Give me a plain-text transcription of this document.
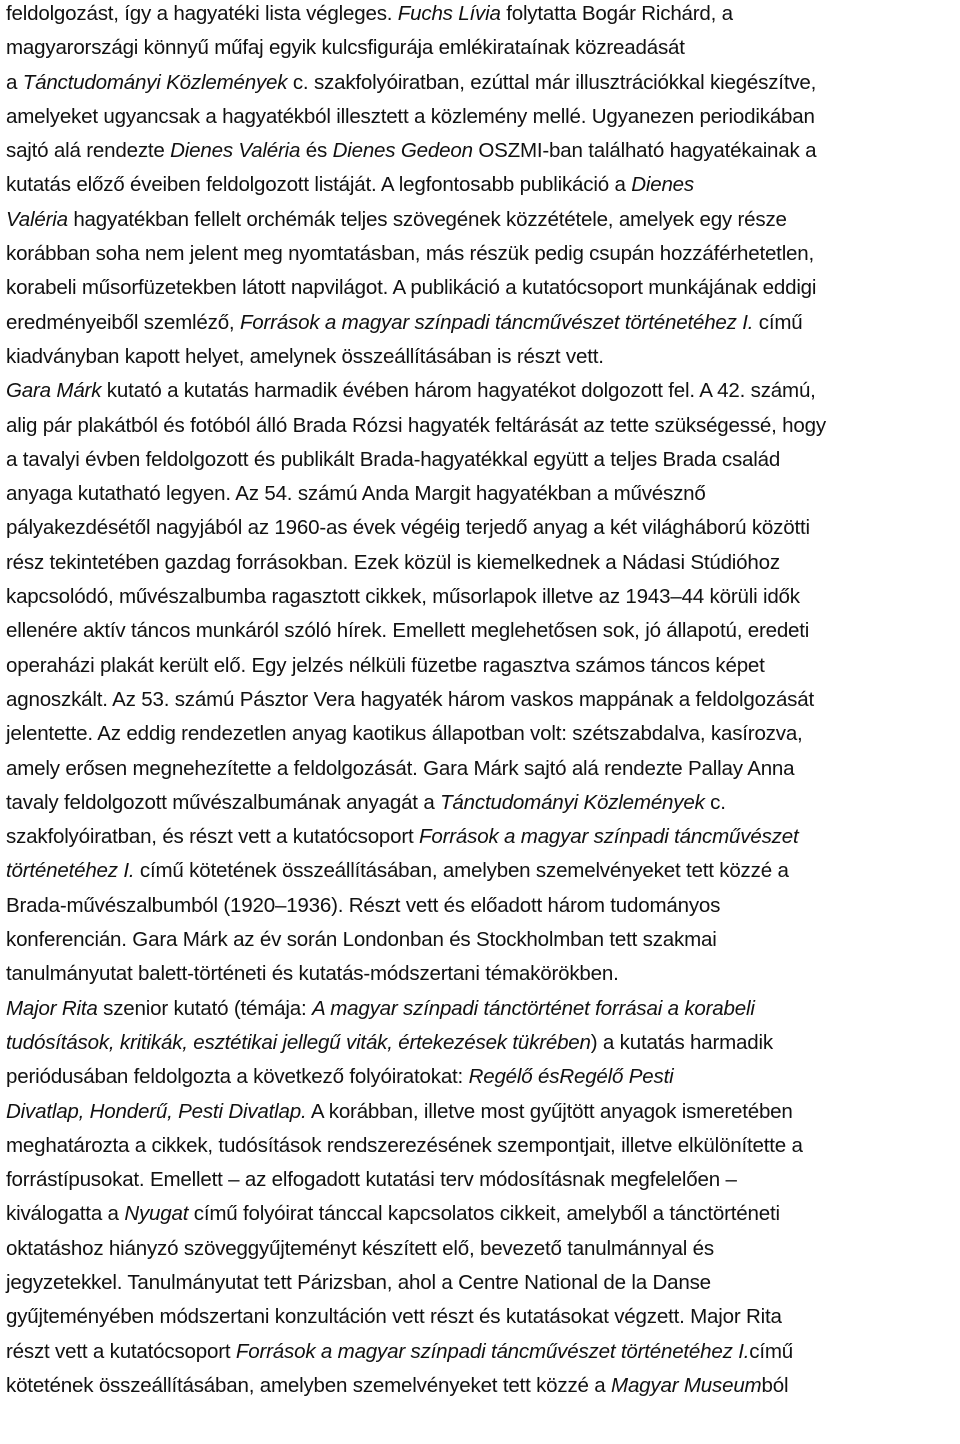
feldolgozást, így a hagyatéki lista végleges. Fuchs Lívia folytatta Bogár Richárd, a
magyarországi könnyű műfaj egyik kulcsfigurája emlékirataínak közreadását
a Tánctudományi Közlemények c. szakfolyóiratban, ezúttal már illusztrációkkal kiegészítve,
amelyeket ugyancsak a hagyatékból illesztett a közlemény mellé. Ugyanezen periodikában
sajtó alá rendezte Dienes Valéria és Dienes Gedeon OSZMI-ban található hagyatékainak a
kutatás előző éveiben feldolgozott listáját. A legfontosabb publikáció a Dienes
Valéria hagyatékban fellelt orchémák teljes szövegének közzététele, amelyek egy része
korábban soha nem jelent meg nyomtatásban, más részük pedig csupán hozzáférhetetlen,
korabeli műsorfüzetekben látott napvilágot. A publikáció a kutatócsoport munkájának eddigi
eredményeiből szemléző, Források a magyar színpadi táncművészet történetéhez I. című
kiadványban kapott helyet, amelynek összeállításában is részt vett.
Gara Márk kutató a kutatás harmadik évében három hagyatékot dolgozott fel. A 42. számú,
alig pár plakátból és fotóból álló Brada Rózsi hagyaték feltárását az tette szükségessé, hogy
a tavalyi évben feldolgozott és publikált Brada-hagyatékkal együtt a teljes Brada család
anyaga kutatható legyen. Az 54. számú Anda Margit hagyatékban a művésznő
pályakezdésétől nagyjából az 1960-as évek végéig terjedő anyag a két világháború közötti
rész tekintetében gazdag forrásokban. Ezek közül is kiemelkednek a Nádasi Stúdióhoz
kapcsolódó, művészalbumba ragasztott cikkek, műsorlapok illetve az 1943–44 körüli idők
ellenére aktív táncos munkáról szóló hírek. Emellett meglehetősen sok, jó állapotú, eredeti
operaházi plakát került elő. Egy jelzés nélküli füzetbe ragasztva számos táncos képet
agnoszkált. Az 53. számú Pásztor Vera hagyaték három vaskos mappának a feldolgozását
jelentette. Az eddig rendezetlen anyag kaotikus állapotban volt: szétszabdalva, kasírozva,
amely erősen megnehezítette a feldolgozását. Gara Márk sajtó alá rendezte Pallay Anna
tavaly feldolgozott művészalbumának anyagát a Tánctudományi Közlemények c.
szakfolyóiratban, és részt vett a kutatócsoport Források a magyar színpadi táncművészet
történetéhez I. című kötetének összeállításában, amelyben szemelvényeket tett közzé a
Brada-művészalbumból (1920–1936). Részt vett és előadott három tudományos
konferencián. Gara Márk az év során Londonban és Stockholmban tett szakmai
tanulmányutat balett-történeti és kutatás-módszertani témakörökben.
Major Rita szenior kutató (témája: A magyar színpadi tánctörténet forrásai a korabeli
tudósítások, kritikák, esztétikai jellegű viták, értekezések tükrében) a kutatás harmadik
periódusában feldolgozta a következő folyóiratokat: Regélő ésRegélő Pesti
Divatlap, Honderű, Pesti Divatlap. A korábban, illetve most gyűjtött anyagok ismeretében
meghatározta a cikkek, tudósítások rendszerezésének szempontjait, illetve elkülönítette a
forrástípusokat. Emellett – az elfogadott kutatási terv módosításnak megfelelően –
kiválogatta a Nyugat című folyóirat tánccal kapcsolatos cikkeit, amelyből a tánctörténeti
oktatáshoz hiányzó szöveggyűjteményt készített elő, bevezető tanulmánnyal és
jegyzetekkel. Tanulmányutat tett Párizsban, ahol a Centre National de la Danse
gyűjteményében módszertani konzultáción vett részt és kutatásokat végzett. Major Rita
részt vett a kutatócsoport Források a magyar színpadi táncművészet történetéhez I.című
kötetének összeállításában, amelyben szemelvényeket tett közzé a Magyar Museumból
